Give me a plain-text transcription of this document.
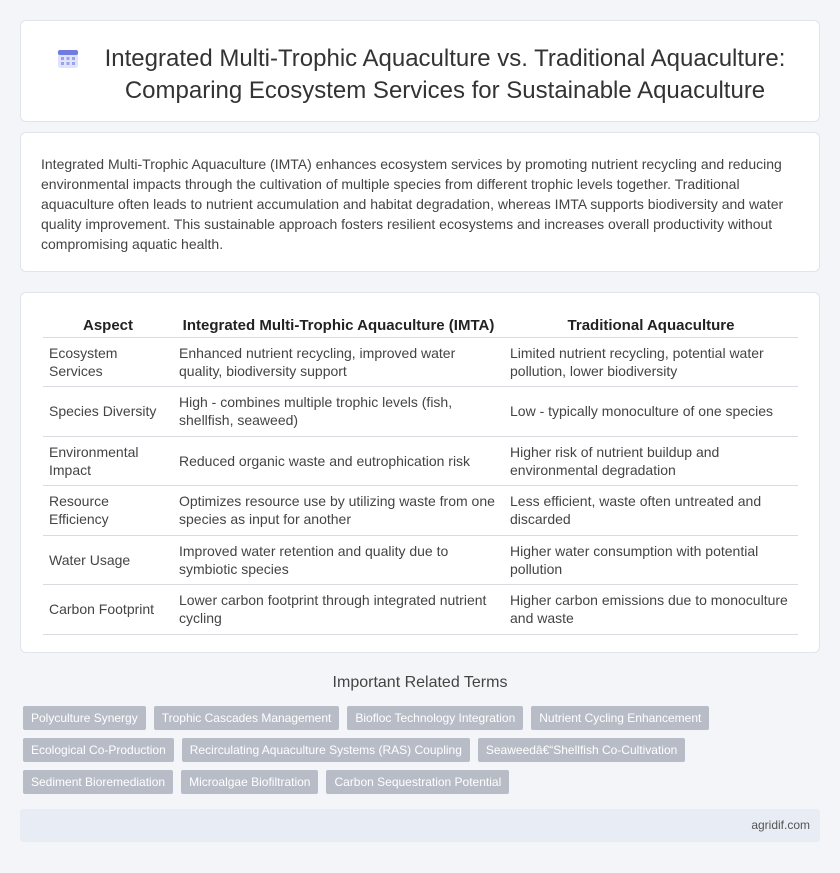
Integrated Multi-Trophic Aquaculture vs. Traditional Aquaculture: Comparing Ecosystem Services for Sustainable Aquaculture

Integrated Multi-Trophic Aquaculture (IMTA) enhances ecosystem services by promoting nutrient recycling and reducing environmental impacts through the cultivation of multiple species from different trophic levels together. Traditional aquaculture often leads to nutrient accumulation and habitat degradation, whereas IMTA supports biodiversity and water quality improvement. This sustainable approach fosters resilient ecosystems and increases overall productivity without compromising aquatic health.

Aspect	Integrated Multi-Trophic Aquaculture (IMTA)	Traditional Aquaculture
Ecosystem Services	Enhanced nutrient recycling, improved water quality, biodiversity support	Limited nutrient recycling, potential water pollution, lower biodiversity
Species Diversity	High - combines multiple trophic levels (fish, shellfish, seaweed)	Low - typically monoculture of one species
Environmental Impact	Reduced organic waste and eutrophication risk	Higher risk of nutrient buildup and environmental degradation
Resource Efficiency	Optimizes resource use by utilizing waste from one species as input for another	Less efficient, waste often untreated and discarded
Water Usage	Improved water retention and quality due to symbiotic species	Higher water consumption with potential pollution
Carbon Footprint	Lower carbon footprint through integrated nutrient cycling	Higher carbon emissions due to monoculture and waste
Important Related Terms
Polyculture Synergy	Trophic Cascades Management	Biofloc Technology Integration	Nutrient Cycling Enhancement
Ecological Co-Production	Recirculating Aquaculture Systems (RAS) Coupling	Seaweedâ€“Shellfish Co-Cultivation
Sediment Bioremediation	Microalgae Biofiltration	Carbon Sequestration Potential
agridif.com
